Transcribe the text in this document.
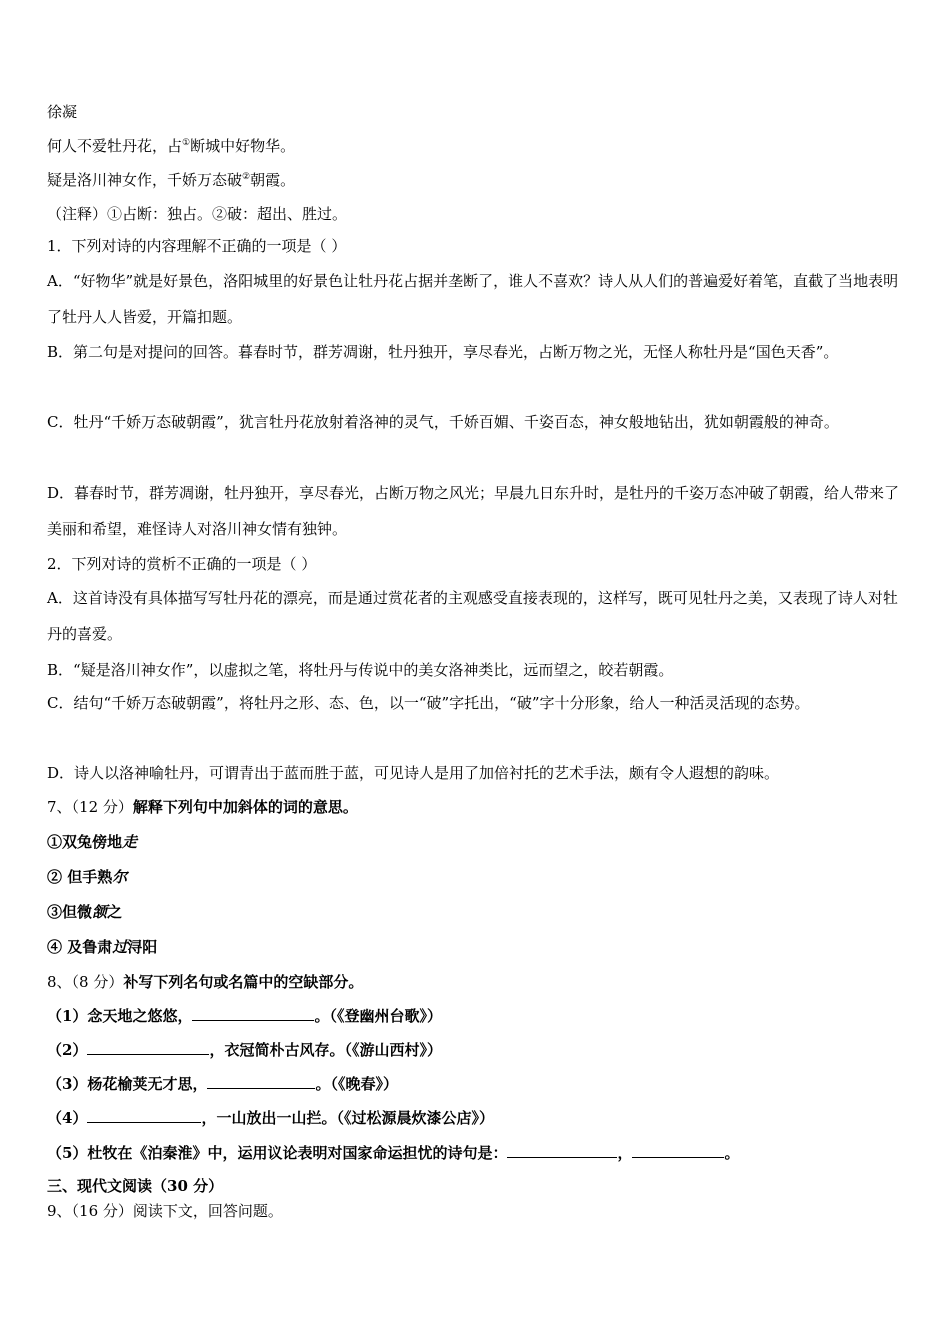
徐凝
何人不爱牡丹花，占①断城中好物华。
疑是洛川神女作，千娇万态破②朝霞。
（注释）①占断：独占。②破：超出、胜过。
1．下列对诗的内容理解不正确的一项是（ ）
A．“好物华”就是好景色，洛阳城里的好景色让牡丹花占据并垄断了，谁人不喜欢？诗人从人们的普遍爱好着笔，直截了当地表明了牡丹人人皆爱，开篇扣题。
B．第二句是对提问的回答。暮春时节，群芳凋谢，牡丹独开，享尽春光，占断万物之光，无怪人称牡丹是“国色天香”。
C．牡丹“千娇万态破朝霞”，犹言牡丹花放射着洛神的灵气，千娇百媚、千姿百态，神女般地钻出，犹如朝霞般的神奇。
D．暮春时节，群芳凋谢，牡丹独开，享尽春光，占断万物之风光；早晨九日东升时，是牡丹的千姿万态冲破了朝霞，给人带来了美丽和希望，难怪诗人对洛川神女情有独钟。
2．下列对诗的赏析不正确的一项是（ ）
A．这首诗没有具体描写写牡丹花的漂亮，而是通过赏花者的主观感受直接表现的，这样写，既可见牡丹之美，又表现了诗人对牡丹的喜爱。
B．“疑是洛川神女作”，以虚拟之笔，将牡丹与传说中的美女洛神类比，远而望之，皎若朝霞。
C．结句“千娇万态破朝霞”，将牡丹之形、态、色，以一“破”字托出，“破”字十分形象，给人一种活灵活现的态势。
D．诗人以洛神喻牡丹，可谓青出于蓝而胜于蓝，可见诗人是用了加倍衬托的艺术手法，颇有令人遐想的韵味。
7、（12 分）解释下列句中加斜体的词的意思。
①双兔傍地走
② 但手熟尔
③但微颔之
④ 及鲁肃过浔阳
8、（8 分）补写下列名句或名篇中的空缺部分。
（1）念天地之悠悠，	。（《登幽州台歌》）
（2）	，衣冠简朴古风存。（《游山西村》）
（3）杨花榆荚无才思，	。（《晚春》）
（4）	，一山放出一山拦。（《过松源晨炊漆公店》）
（5）杜牧在《泊秦淮》中，运用议论表明对国家命运担忧的诗句是：	，	。
三、现代文阅读（30 分）
9、（16 分）阅读下文，回答问题。
